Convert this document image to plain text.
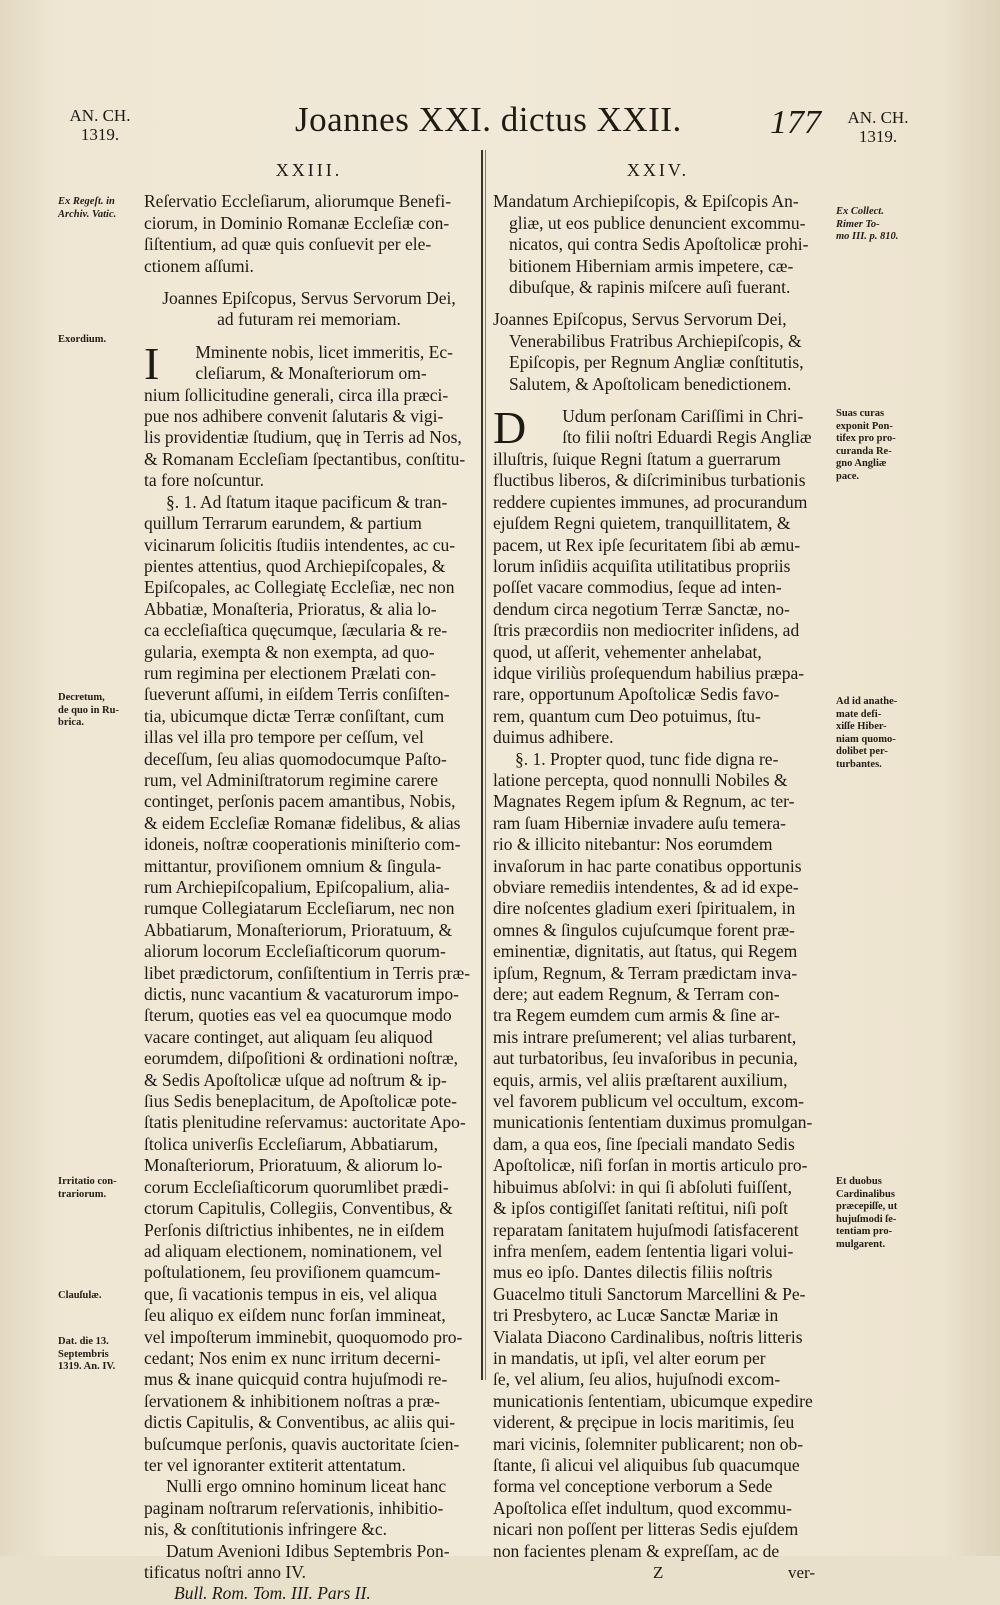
AN. CH.
1319.	Joannes XXI. dictus XXII.	177	AN. CH.
1319.
XXIII.
Reſervatio Eccleſiarum, aliorumque Benefi-
ciorum, in Dominio Romanæ Eccleſiæ con-
ſiſtentium, ad quæ quis conſuevit per ele-
ctionem aſſumi.
Joannes Epiſcopus, Servus Servorum Dei,
ad futuram rei memoriam.
I	Mminente nobis, licet immeritis, Ec-
cleſiarum, & Monaſteriorum om-
nium ſollicitudine generali, circa illa præci-
pue nos adhibere convenit ſalutaris & vigi-
lis providentiæ ſtudium, quę in Terris ad Nos,
& Romanam Eccleſiam ſpectantibus, conſtitu-
ta fore noſcuntur.
§. 1. Ad ſtatum itaque pacificum & tran-
quillum Terrarum earundem, & partium
vicinarum ſolicitis ſtudiis intendentes, ac cu-
pientes attentius, quod Archiepiſcopales, &
Epiſcopales, ac Collegiatę Eccleſiæ, nec non
Abbatiæ, Monaſteria, Prioratus, & alia lo-
ca eccleſiaſtica quęcumque, ſæcularia & re-
gularia, exempta & non exempta, ad quo-
rum regimina per electionem Prælati con-
ſueverunt aſſumi, in eiſdem Terris conſiſten-
tia, ubicumque dictæ Terræ conſiſtant, cum
illas vel illa pro tempore per ceſſum, vel
deceſſum, ſeu alias quomodocumque Paſto-
rum, vel Adminiſtratorum regimine carere
continget, perſonis pacem amantibus, Nobis,
& eidem Eccleſiæ Romanæ fidelibus, & alias
idoneis, noſtræ cooperationis miniſterio com-
mittantur, proviſionem omnium & ſingula-
rum Archiepiſcopalium, Epiſcopalium, alia-
rumque Collegiatarum Eccleſiarum, nec non
Abbatiarum, Monaſteriorum, Prioratuum, &
aliorum locorum Eccleſiaſticorum quorum-
libet prædictorum, conſiſtentium in Terris præ-
dictis, nunc vacantium & vacaturorum impo-
ſterum, quoties eas vel ea quocumque modo
vacare continget, aut aliquam ſeu aliquod
eorumdem, diſpoſitioni & ordinationi noſtræ,
& Sedis Apoſtolicæ uſque ad noſtrum & ip-
ſius Sedis beneplacitum, de Apoſtolicæ pote-
ſtatis plenitudine reſervamus: auctoritate Apo-
ſtolica univerſis Eccleſiarum, Abbatiarum,
Monaſteriorum, Prioratuum, & aliorum lo-
corum Eccleſiaſticorum quorumlibet prædi-
ctorum Capitulis, Collegiis, Conventibus, &
Perſonis diſtrictius inhibentes, ne in eiſdem
ad aliquam electionem, nominationem, vel
poſtulationem, ſeu proviſionem quamcum-
que, ſi vacationis tempus in eis, vel aliqua
ſeu aliquo ex eiſdem nunc forſan immineat,
vel impoſterum imminebit, quoquomodo pro-
cedant; Nos enim ex nunc irritum decerni-
mus & inane quicquid contra hujuſmodi re-
ſervationem & inhibitionem noſtras a præ-
dictis Capitulis, & Conventibus, ac aliis qui-
buſcumque perſonis, quavis auctoritate ſcien-
ter vel ignoranter extiterit attentatum.
Nulli ergo omnino hominum liceat hanc
paginam noſtrarum reſervationis, inhibitio-
nis, & conſtitutionis infringere &c.
Datum Avenioni Idibus Septembris Pon-
tificatus noſtri anno IV.
Bull. Rom. Tom. III. Pars II.
XXIV.
Mandatum Archiepiſcopis, & Epiſcopis An-
gliæ, ut eos publice denuncient excommu-
nicatos, qui contra Sedis Apoſtolicæ prohi-
bitionem Hiberniam armis impetere, cæ-
dibuſque, & rapinis miſcere auſi fuerant.
Joannes Epiſcopus, Servus Servorum Dei,
Venerabilibus Fratribus Archiepiſcopis, &
Epiſcopis, per Regnum Angliæ conſtitutis,
Salutem, & Apoſtolicam benedictionem.
D	Udum perſonam Cariſſimi in Chri-
ſto filii noſtri Eduardi Regis Angliæ
illuſtris, ſuique Regni ſtatum a guerrarum
fluctibus liberos, & diſcriminibus turbationis
reddere cupientes immunes, ad procurandum
ejuſdem Regni quietem, tranquillitatem, &
pacem, ut Rex ipſe ſecuritatem ſibi ab æmu-
lorum inſidiis acquiſita utilitatibus propriis
poſſet vacare commodius, ſeque ad inten-
dendum circa negotium Terræ Sanctæ, no-
ſtris præcordiis non mediocriter inſidens, ad
quod, ut aſſerit, vehementer anhelabat,
idque viriliùs proſequendum habilius præpa-
rare, opportunum Apoſtolicæ Sedis favo-
rem, quantum cum Deo potuimus, ſtu-
duimus adhibere.
§. 1. Propter quod, tunc fide digna re-
latione percepta, quod nonnulli Nobiles &
Magnates Regem ipſum & Regnum, ac ter-
ram ſuam Hiberniæ invadere auſu temera-
rio & illicito nitebantur: Nos eorumdem
invaſorum in hac parte conatibus opportunis
obviare remediis intendentes, & ad id expe-
dire noſcentes gladium exeri ſpiritualem, in
omnes & ſingulos cujuſcumque forent præ-
eminentiæ, dignitatis, aut ſtatus, qui Regem
ipſum, Regnum, & Terram prædictam inva-
dere; aut eadem Regnum, & Terram con-
tra Regem eumdem cum armis & ſine ar-
mis intrare preſumerent; vel alias turbarent,
aut turbatoribus, ſeu invaſoribus in pecunia,
equis, armis, vel aliis præſtarent auxilium,
vel favorem publicum vel occultum, excom-
municationis ſententiam duximus promulgan-
dam, a qua eos, ſine ſpeciali mandato Sedis
Apoſtolicæ, niſi forſan in mortis articulo pro-
hibuimus abſolvi: in qui ſi abſoluti fuiſſent,
& ipſos contigiſſet ſanitati reſtitui, niſi poſt
reparatam ſanitatem hujuſmodi ſatisfacerent
infra menſem, eadem ſententia ligari volui-
mus eo ipſo. Dantes dilectis filiis noſtris
Guacelmo tituli Sanctorum Marcellini & Pe-
tri Presbytero, ac Lucæ Sanctæ Mariæ in
Vialata Diacono Cardinalibus, noſtris litteris
in mandatis, ut ipſi, vel alter eorum per
ſe, vel alium, ſeu alios, hujuſnodi excom-
municationis ſententiam, ubicumque expedire
viderent, & pręcipue in locis maritimis, ſeu
mari vicinis, ſolemniter publicarent; non ob-
ſtante, ſi alicui vel aliquibus ſub quacumque
forma vel conceptione verborum a Sede
Apoſtolica eſſet indultum, quod excommu-
nicari non poſſent per litteras Sedis ejuſdem
non facientes plenam & expreſſam, ac de
Z	ver-
Ex Regeſt. in
Archiv. Vatic.
Exordium.
Decretum,
de quo in Ru-
brica.
Irritatio con-
trariorum.
Clauſulæ.
Dat. die 13.
Septembris
1319. An. IV.
Ex Collect.
Rimer To-
mo III. p. 810.
Suas curas
exponit Pon-
tifex pro pro-
curanda Re-
gno Angliæ
pace.
Ad id anathe-
mate defi-
xiſſe Hiber-
niam quomo-
dolibet per-
turbantes.
Et duobus
Cardinalibus
præcepiſſe, ut
hujuſmodi ſe-
tentiam pro-
mulgarent.
